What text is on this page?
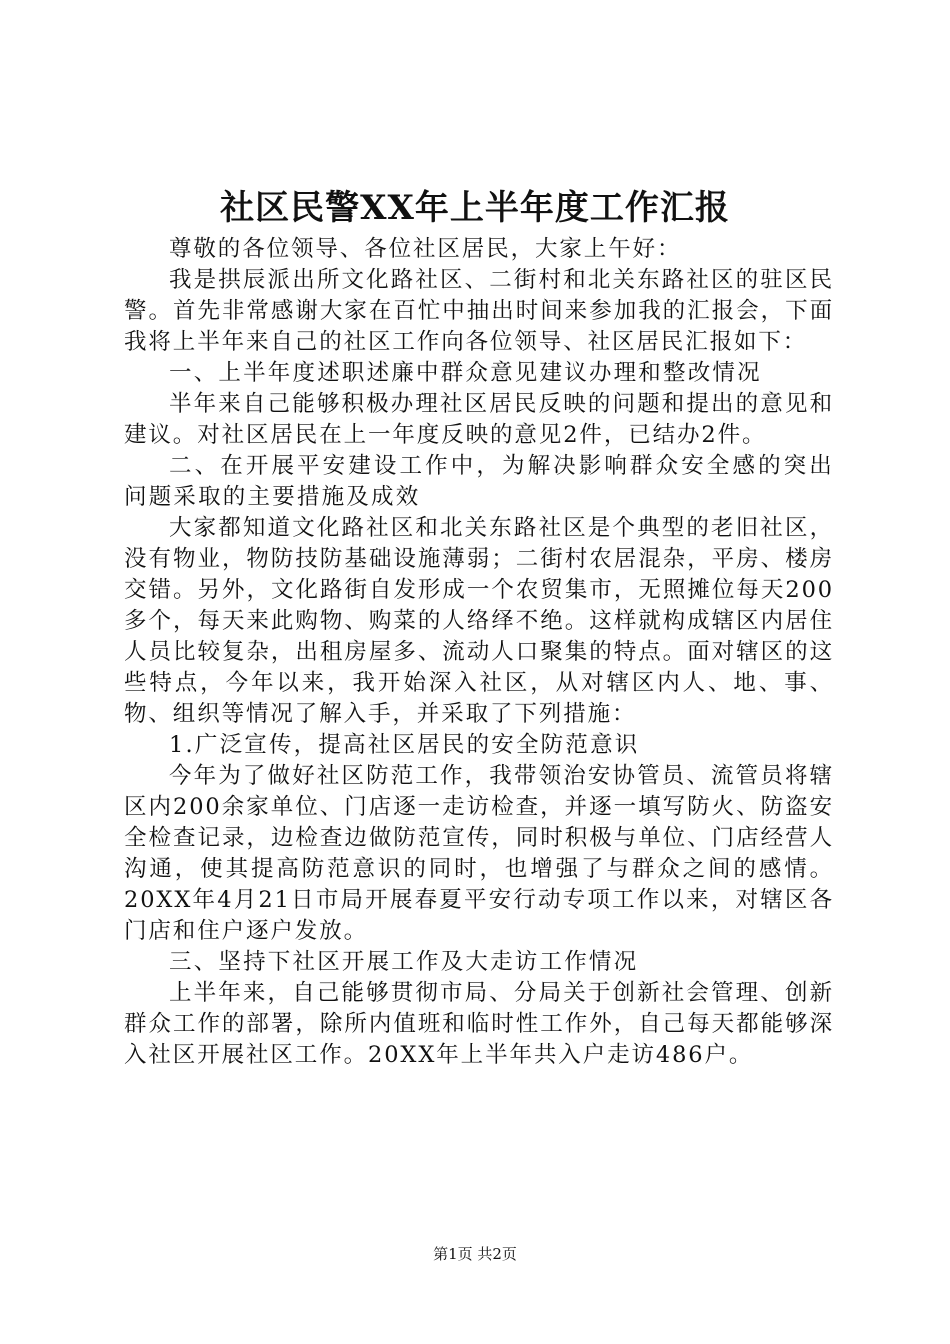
社区民警XX年上半年度工作汇报

尊敬的各位领导、各位社区居民，大家上午好：

我是拱辰派出所文化路社区、二街村和北关东路社区的驻区民警。首先非常感谢大家在百忙中抽出时间来参加我的汇报会，下面我将上半年来自己的社区工作向各位领导、社区居民汇报如下：

一、上半年度述职述廉中群众意见建议办理和整改情况

半年来自己能够积极办理社区居民反映的问题和提出的意见和建议。对社区居民在上一年度反映的意见2件，已结办2件。

二、在开展平安建设工作中，为解决影响群众安全感的突出问题采取的主要措施及成效

大家都知道文化路社区和北关东路社区是个典型的老旧社区，没有物业，物防技防基础设施薄弱；二街村农居混杂，平房、楼房交错。另外，文化路街自发形成一个农贸集市，无照摊位每天200多个，每天来此购物、购菜的人络绎不绝。这样就构成辖区内居住人员比较复杂，出租房屋多、流动人口聚集的特点。面对辖区的这些特点，今年以来，我开始深入社区，从对辖区内人、地、事、物、组织等情况了解入手，并采取了下列措施：

1.广泛宣传，提高社区居民的安全防范意识

今年为了做好社区防范工作，我带领治安协管员、流管员将辖区内200余家单位、门店逐一走访检查，并逐一填写防火、防盗安全检查记录，边检查边做防范宣传，同时积极与单位、门店经营人沟通，使其提高防范意识的同时，也增强了与群众之间的感情。20XX年4月21日市局开展春夏平安行动专项工作以来，对辖区各门店和住户逐户发放。

三、坚持下社区开展工作及大走访工作情况

上半年来，自己能够贯彻市局、分局关于创新社会管理、创新群众工作的部署，除所内值班和临时性工作外，自己每天都能够深入社区开展社区工作。20XX年上半年共入户走访486户。

第1页 共2页
